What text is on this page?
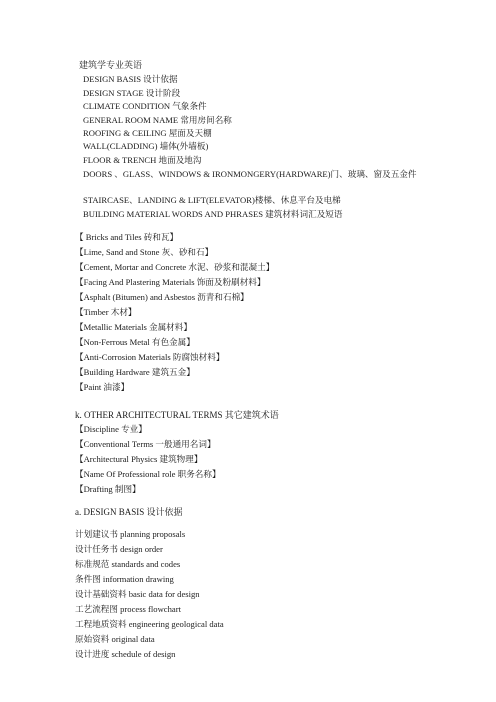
建筑学专业英语
DESIGN BASIS 设计依据
DESIGN STAGE 设计阶段
CLIMATE CONDITION 气象条件
GENERAL ROOM NAME 常用房间名称
ROOFING & CEILING 屋面及天棚
WALL(CLADDING) 墙体(外墙板)
FLOOR & TRENCH 地面及地沟
DOORS 、GLASS、WINDOWS & IRONMONGERY(HARDWARE)门、玻璃、窗及五金件
STAIRCASE、LANDING & LIFT(ELEVATOR)楼梯、休息平台及电梯
BUILDING MATERIAL WORDS AND PHRASES 建筑材料词汇及短语
【 Bricks and Tiles 砖和瓦】
【Lime, Sand and Stone 灰、砂和石】
【Cement, Mortar and Concrete 水泥、砂浆和混凝土】
【Facing And Plastering Materials 饰面及粉刷材料】
【Asphalt (Bitumen) and Asbestos 沥青和石棉】
【Timber 木材】
【Metallic Materials 金属材料】
【Non-Ferrous Metal 有色金属】
【Anti-Corrosion Materials 防腐蚀材料】
【Building Hardware 建筑五金】
【Paint 油漆】
k. OTHER ARCHITECTURAL TERMS 其它建筑术语
【Discipline 专业】
【Conventional Terms 一般通用名词】
【Architectural Physics 建筑物理】
【Name Of Professional role 职务名称】
【Drafting 制图】
a. DESIGN BASIS 设计依据
计划建议书 planning proposals
设计任务书 design order
标准规范 standards and codes
条件图 information drawing
设计基础资料 basic data for design
工艺流程图 process flowchart
工程地质资料 engineering geological data
原始资料 original data
设计进度 schedule of design
